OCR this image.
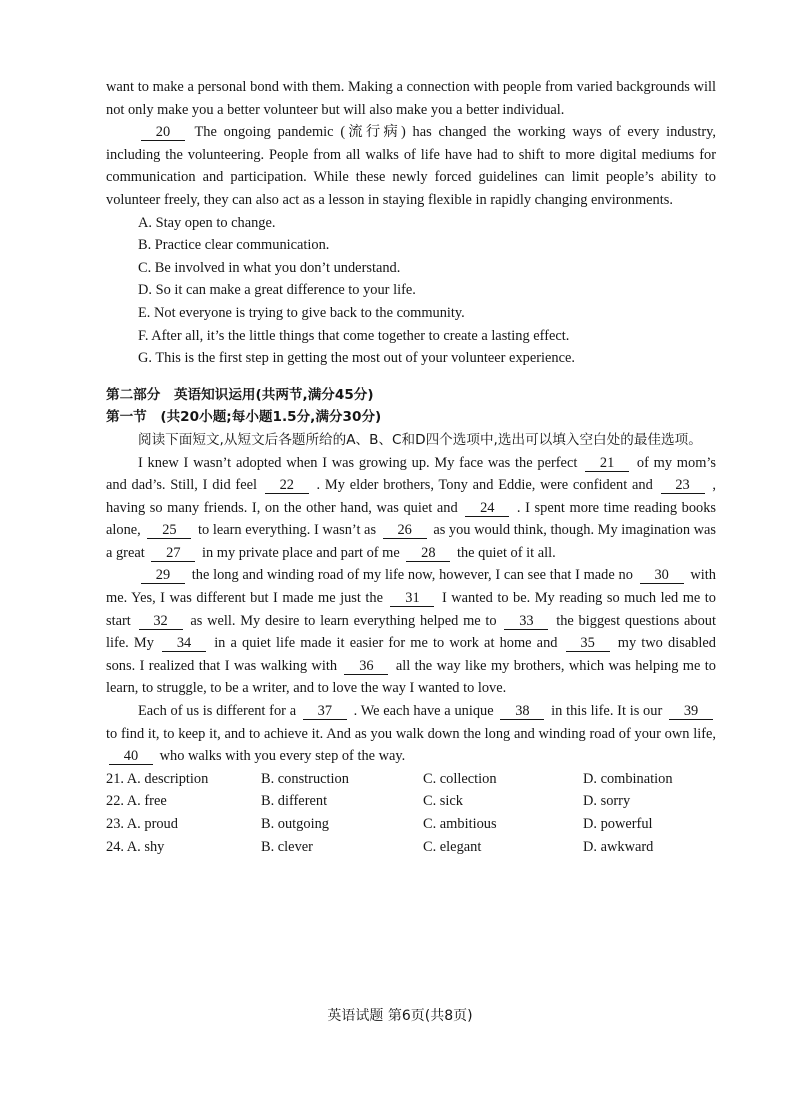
want to make a personal bond with them. Making a connection with people from varied backgrounds will not only make you a better volunteer but will also make you a better individual.

20 The ongoing pandemic (流行病) has changed the working ways of every industry, including the volunteering. People from all walks of life have had to shift to more digital mediums for communication and participation. While these newly forced guidelines can limit people’s ability to volunteer freely, they can also act as a lesson in staying flexible in rapidly changing environments.

A. Stay open to change.

B. Practice clear communication.

C. Be involved in what you don’t understand.

D. So it can make a great difference to your life.

E. Not everyone is trying to give back to the community.

F. After all, it’s the little things that come together to create a lasting effect.

G. This is the first step in getting the most out of your volunteer experience.

第二部分　英语知识运用(共两节,满分45分)

第一节　(共20小题;每小题1.5分,满分30分)

阅读下面短文,从短文后各题所给的A、B、C和D四个选项中,选出可以填入空白处的最佳选项。

I knew I wasn’t adopted when I was growing up. My face was the perfect 21 of my mom’s and dad’s. Still, I did feel 22 . My elder brothers, Tony and Eddie, were confident and 23 , having so many friends. I, on the other hand, was quiet and 24 . I spent more time reading books alone, 25 to learn everything. I wasn’t as 26 as you would think, though. My imagination was a great 27 in my private place and part of me 28 the quiet of it all.

29 the long and winding road of my life now, however, I can see that I made no 30 with me. Yes, I was different but I made me just the 31 I wanted to be. My reading so much led me to start 32 as well. My desire to learn everything helped me to 33 the biggest questions about life. My 34 in a quiet life made it easier for me to work at home and 35 my two disabled sons. I realized that I was walking with 36 all the way like my brothers, which was helping me to learn, to struggle, to be a writer, and to love the way I wanted to love.

Each of us is different for a 37 . We each have a unique 38 in this life. It is our 39 to find it, to keep it, and to achieve it. And as you walk down the long and winding road of your own life, 40 who walks with you every step of the way.

21. A. description	B. construction	C. collection	D. combination
22. A. free	B. different	C. sick	D. sorry
23. A. proud	B. outgoing	C. ambitious	D. powerful
24. A. shy	B. clever	C. elegant	D. awkward
英语试题 第6页(共8页)
